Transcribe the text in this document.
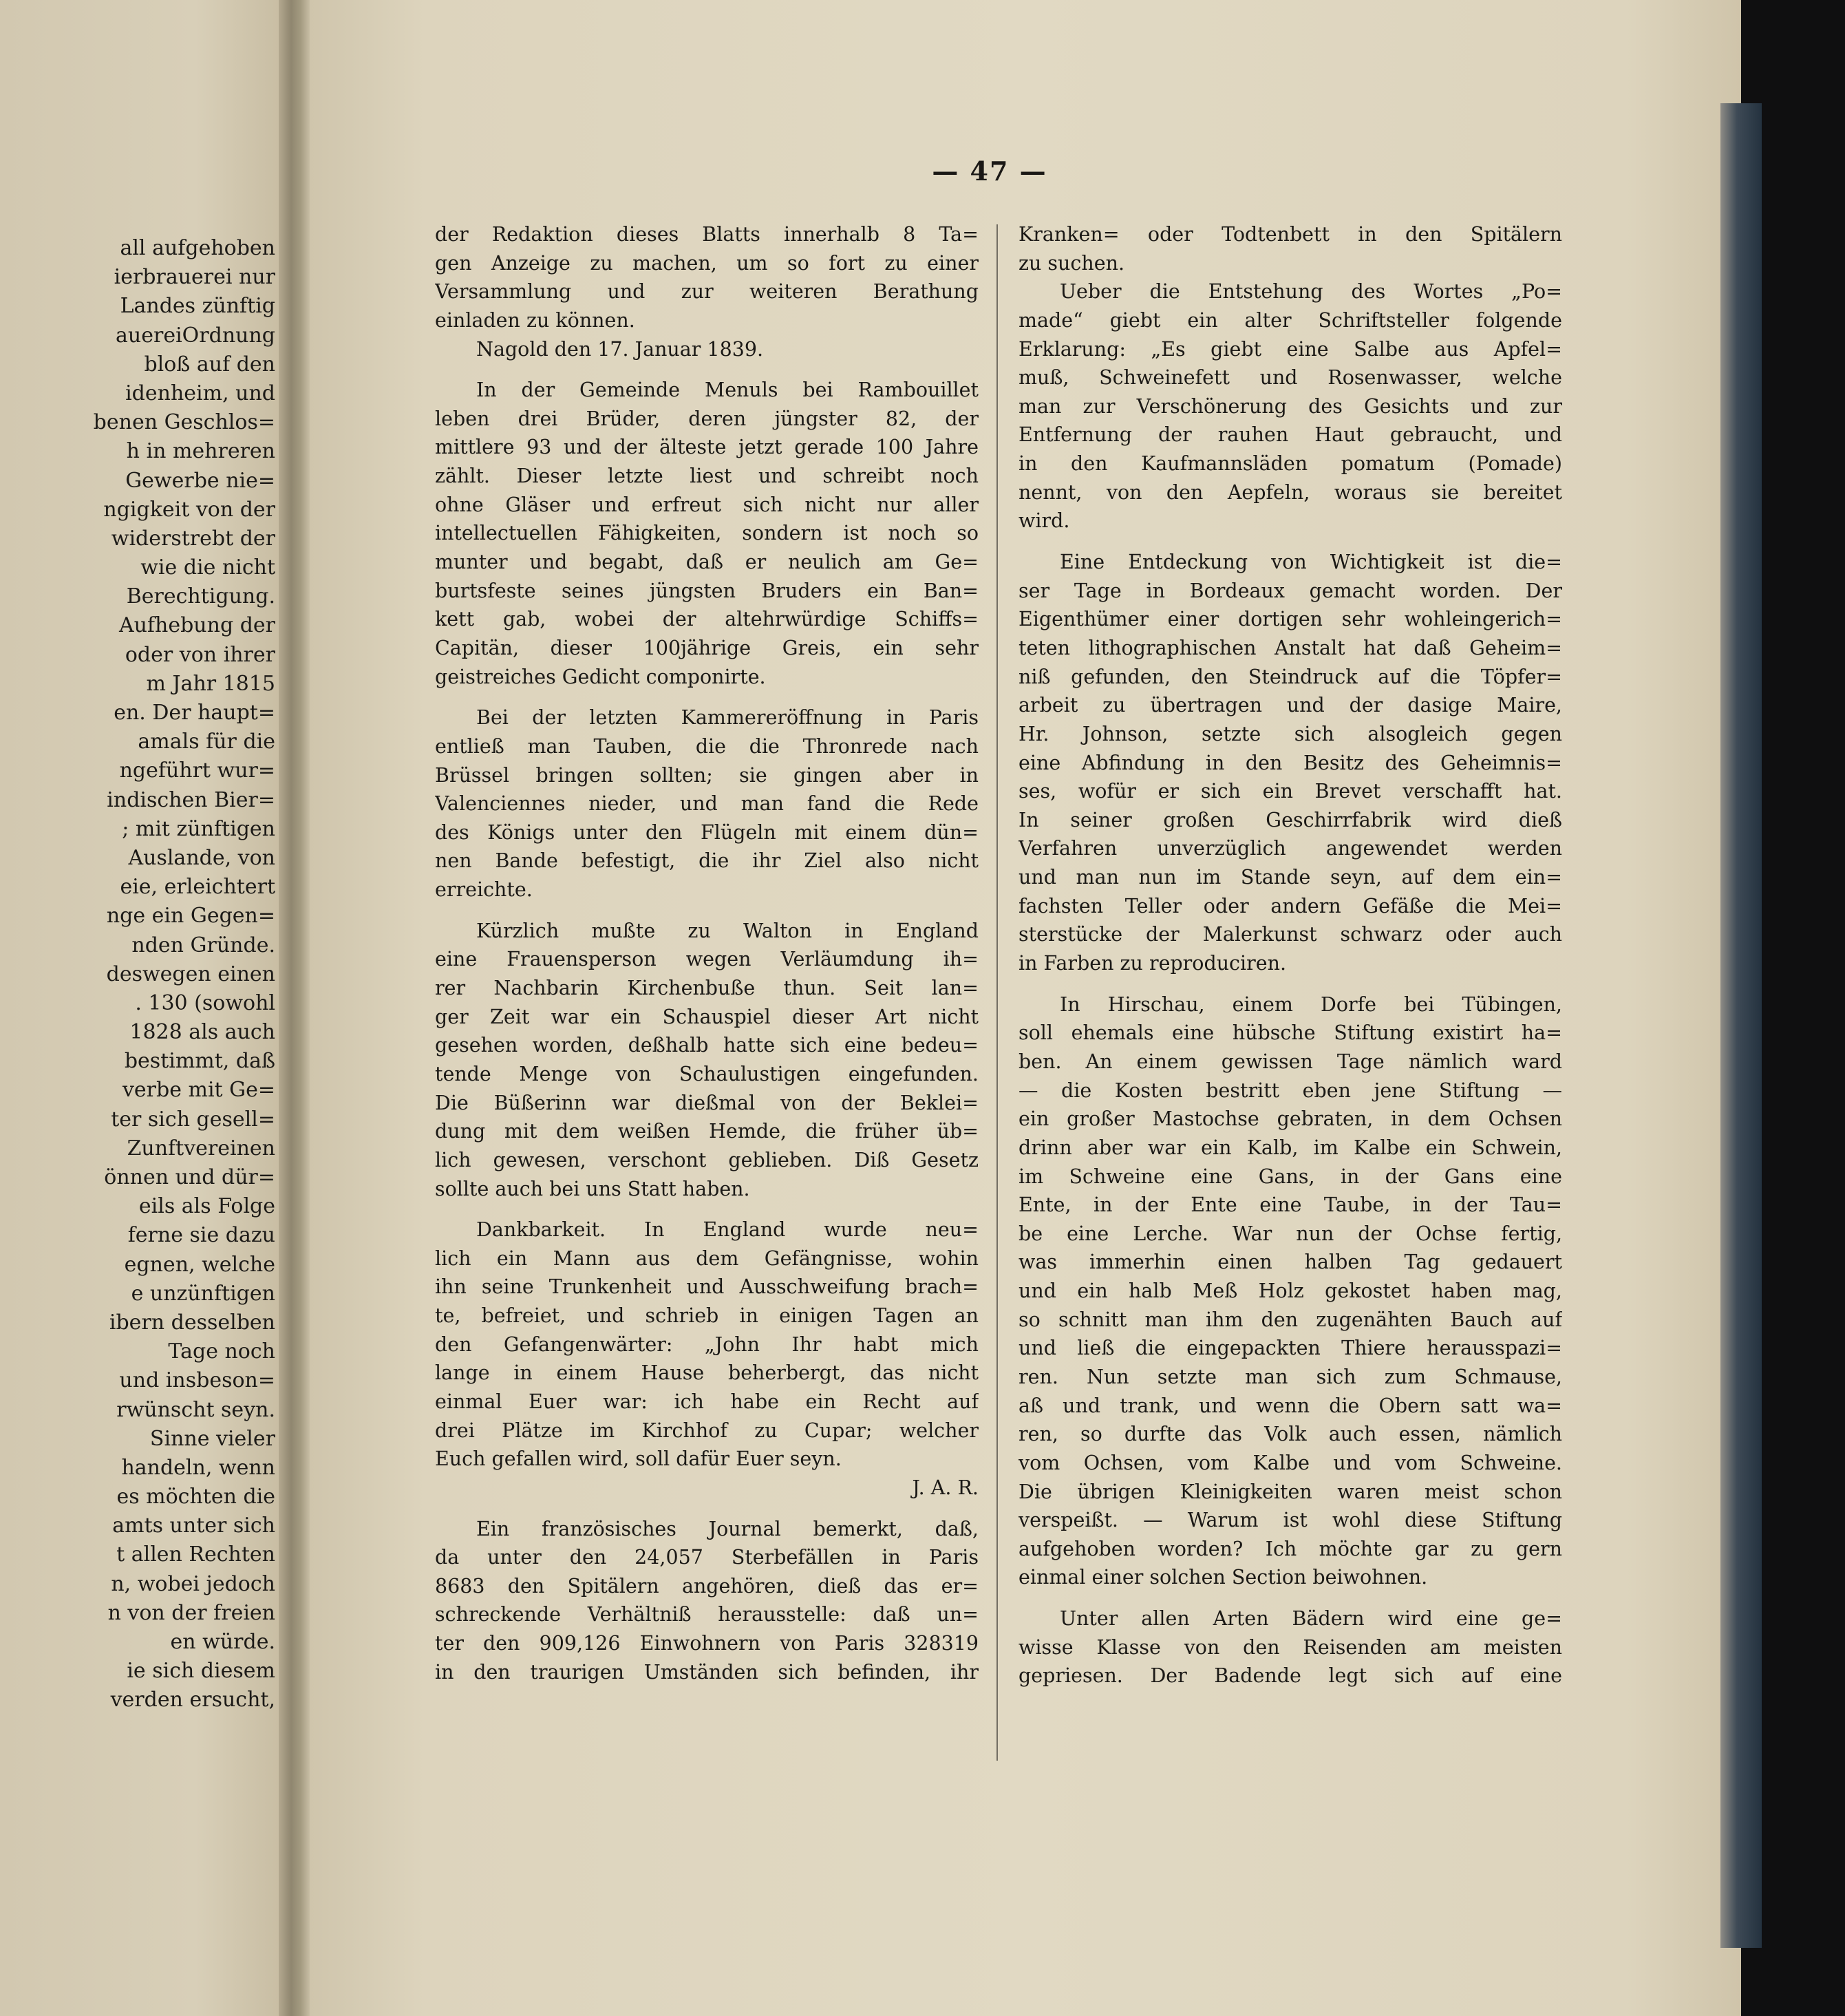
all aufgehoben
ierbrauerei nur
Landes zünftig
auereiOrdnung
bloß auf den
idenheim, und
benen Geschlos=
h in mehreren
Gewerbe nie=
ngigkeit von der
widerstrebt der
wie die nicht
Berechtigung.
Aufhebung der
oder von ihrer
m Jahr 1815
en. Der haupt=
amals für die
ngeführt wur=
indischen Bier=
; mit zünftigen
Auslande, von
eie, erleichtert
nge ein Gegen=
nden Gründe.
deswegen einen
. 130 (sowohl
1828 als auch
bestimmt, daß
verbe mit Ge=
ter sich gesell=
Zunftvereinen
önnen und dür=
eils als Folge
ferne sie dazu
egnen, welche
e unzünftigen
ibern desselben
Tage noch
und insbeson=
rwünscht seyn.
Sinne vieler
handeln, wenn
es möchten die
amts unter sich
t allen Rechten
n, wobei jedoch
n von der freien
en würde.
ie sich diesem
verden ersucht,
— 47 —
der Redaktion dieses Blatts innerhalb 8 Ta=
gen Anzeige zu machen, um so fort zu einer
Versammlung und zur weiteren Berathung
einladen zu können.
Nagold den 17. Januar 1839.
In der Gemeinde Menuls bei Rambouillet
leben drei Brüder, deren jüngster 82, der
mittlere 93 und der älteste jetzt gerade 100 Jahre
zählt. Dieser letzte liest und schreibt noch
ohne Gläser und erfreut sich nicht nur aller
intellectuellen Fähigkeiten, sondern ist noch so
munter und begabt, daß er neulich am Ge=
burtsfeste seines jüngsten Bruders ein Ban=
kett gab, wobei der altehrwürdige Schiffs=
Capitän, dieser 100jährige Greis, ein sehr
geistreiches Gedicht componirte.
Bei der letzten Kammereröffnung in Paris
entließ man Tauben, die die Thronrede nach
Brüssel bringen sollten; sie gingen aber in
Valenciennes nieder, und man fand die Rede
des Königs unter den Flügeln mit einem dün=
nen Bande befestigt, die ihr Ziel also nicht
erreichte.
Kürzlich mußte zu Walton in England
eine Frauensperson wegen Verläumdung ih=
rer Nachbarin Kirchenbuße thun. Seit lan=
ger Zeit war ein Schauspiel dieser Art nicht
gesehen worden, deßhalb hatte sich eine bedeu=
tende Menge von Schaulustigen eingefunden.
Die Büßerinn war dießmal von der Beklei=
dung mit dem weißen Hemde, die früher üb=
lich gewesen, verschont geblieben. Diß Gesetz
sollte auch bei uns Statt haben.
Dankbarkeit. In England wurde neu=
lich ein Mann aus dem Gefängnisse, wohin
ihn seine Trunkenheit und Ausschweifung brach=
te, befreiet, und schrieb in einigen Tagen an
den Gefangenwärter: „John Ihr habt mich
lange in einem Hause beherbergt, das nicht
einmal Euer war: ich habe ein Recht auf
drei Plätze im Kirchhof zu Cupar; welcher
Euch gefallen wird, soll dafür Euer seyn.
J. A. R.
Ein französisches Journal bemerkt, daß,
da unter den 24,057 Sterbefällen in Paris
8683 den Spitälern angehören, dieß das er=
schreckende Verhältniß herausstelle: daß un=
ter den 909,126 Einwohnern von Paris 328319
in den traurigen Umständen sich befinden, ihr
Kranken= oder Todtenbett in den Spitälern
zu suchen.
Ueber die Entstehung des Wortes „Po=
made“ giebt ein alter Schriftsteller folgende
Erklarung: „Es giebt eine Salbe aus Apfel=
muß, Schweinefett und Rosenwasser, welche
man zur Verschönerung des Gesichts und zur
Entfernung der rauhen Haut gebraucht, und
in den Kaufmannsläden pomatum (Pomade)
nennt, von den Aepfeln, woraus sie bereitet
wird.
Eine Entdeckung von Wichtigkeit ist die=
ser Tage in Bordeaux gemacht worden. Der
Eigenthümer einer dortigen sehr wohleingerich=
teten lithographischen Anstalt hat daß Geheim=
niß gefunden, den Steindruck auf die Töpfer=
arbeit zu übertragen und der dasige Maire,
Hr. Johnson, setzte sich alsogleich gegen
eine Abfindung in den Besitz des Geheimnis=
ses, wofür er sich ein Brevet verschafft hat.
In seiner großen Geschirrfabrik wird dieß
Verfahren unverzüglich angewendet werden
und man nun im Stande seyn, auf dem ein=
fachsten Teller oder andern Gefäße die Mei=
sterstücke der Malerkunst schwarz oder auch
in Farben zu reproduciren.
In Hirschau, einem Dorfe bei Tübingen,
soll ehemals eine hübsche Stiftung existirt ha=
ben. An einem gewissen Tage nämlich ward
— die Kosten bestritt eben jene Stiftung —
ein großer Mastochse gebraten, in dem Ochsen
drinn aber war ein Kalb, im Kalbe ein Schwein,
im Schweine eine Gans, in der Gans eine
Ente, in der Ente eine Taube, in der Tau=
be eine Lerche. War nun der Ochse fertig,
was immerhin einen halben Tag gedauert
und ein halb Meß Holz gekostet haben mag,
so schnitt man ihm den zugenähten Bauch auf
und ließ die eingepackten Thiere herausspazi=
ren. Nun setzte man sich zum Schmause,
aß und trank, und wenn die Obern satt wa=
ren, so durfte das Volk auch essen, nämlich
vom Ochsen, vom Kalbe und vom Schweine.
Die übrigen Kleinigkeiten waren meist schon
verspeißt. — Warum ist wohl diese Stiftung
aufgehoben worden? Ich möchte gar zu gern
einmal einer solchen Section beiwohnen.
Unter allen Arten Bädern wird eine ge=
wisse Klasse von den Reisenden am meisten
gepriesen. Der Badende legt sich auf eine
